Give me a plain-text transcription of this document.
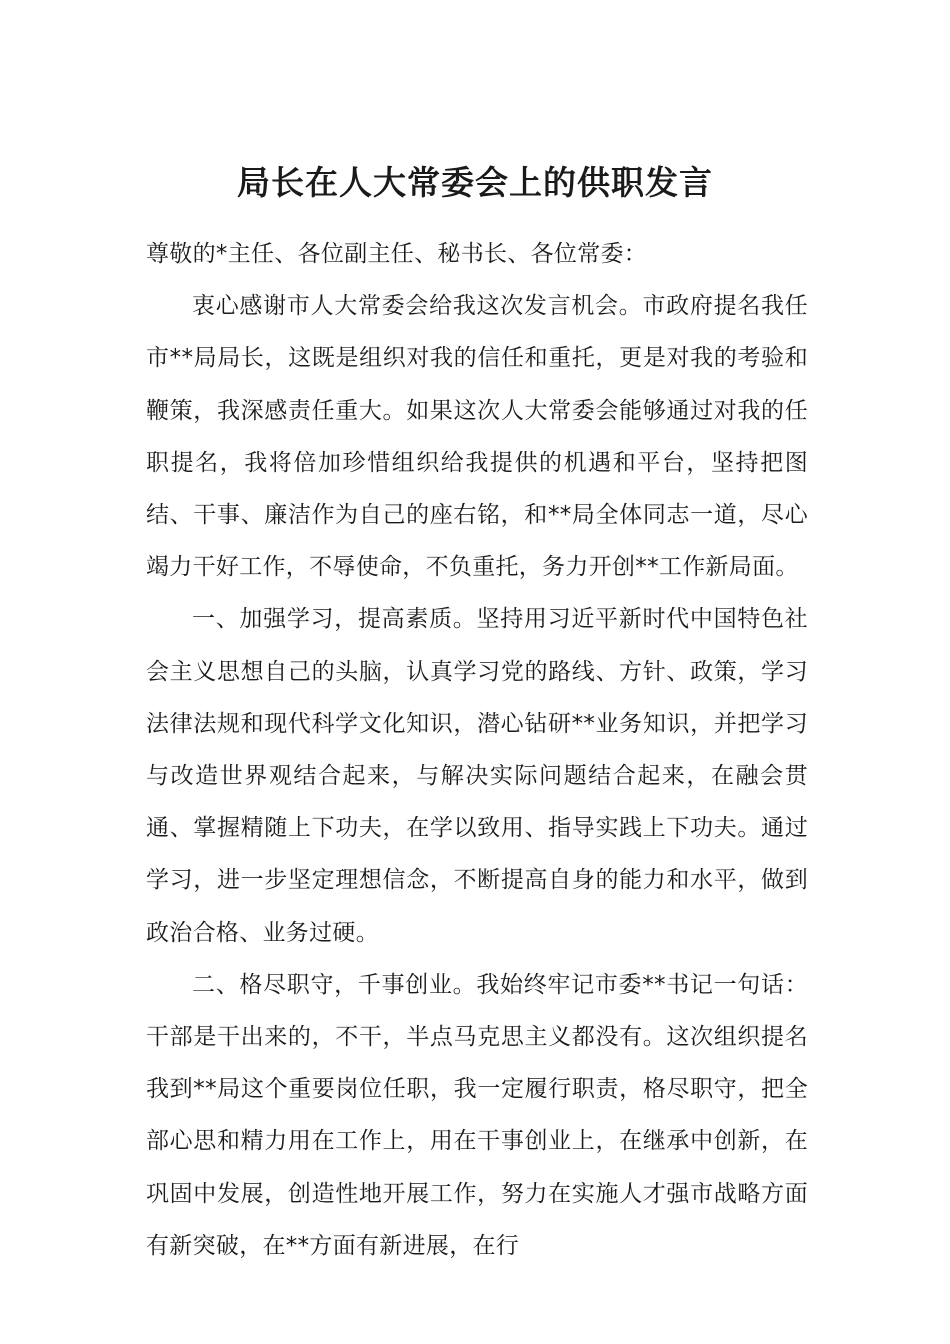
局长在人大常委会上的供职发言

尊敬的*主任、各位副主任、秘书长、各位常委：

衷心感谢市人大常委会给我这次发言机会。市政府提名我任市**局局长，这既是组织对我的信任和重托，更是对我的考验和鞭策，我深感责任重大。如果这次人大常委会能够通过对我的任职提名，我将倍加珍惜组织给我提供的机遇和平台，坚持把图结、干事、廉洁作为自己的座右铭，和**局全体同志一道，尽心竭力干好工作，不辱使命，不负重托，务力开创**工作新局面。

一、加强学习，提高素质。坚持用习近平新时代中国特色社会主义思想自己的头脑，认真学习党的路线、方针、政策，学习法律法规和现代科学文化知识，潜心钻研**业务知识，并把学习与改造世界观结合起来，与解决实际问题结合起来，在融会贯通、掌握精随上下功夫，在学以致用、指导实践上下功夫。通过学习，进一步坚定理想信念，不断提高自身的能力和水平，做到政治合格、业务过硬。

二、格尽职守，千事创业。我始终牢记市委**书记一句话：干部是干出来的，不干，半点马克思主义都没有。这次组织提名我到**局这个重要岗位任职，我一定履行职责，格尽职守，把全部心思和精力用在工作上，用在干事创业上，在继承中创新，在巩固中发展，创造性地开展工作，努力在实施人才强市战略方面有新突破，在**方面有新进展，在行
